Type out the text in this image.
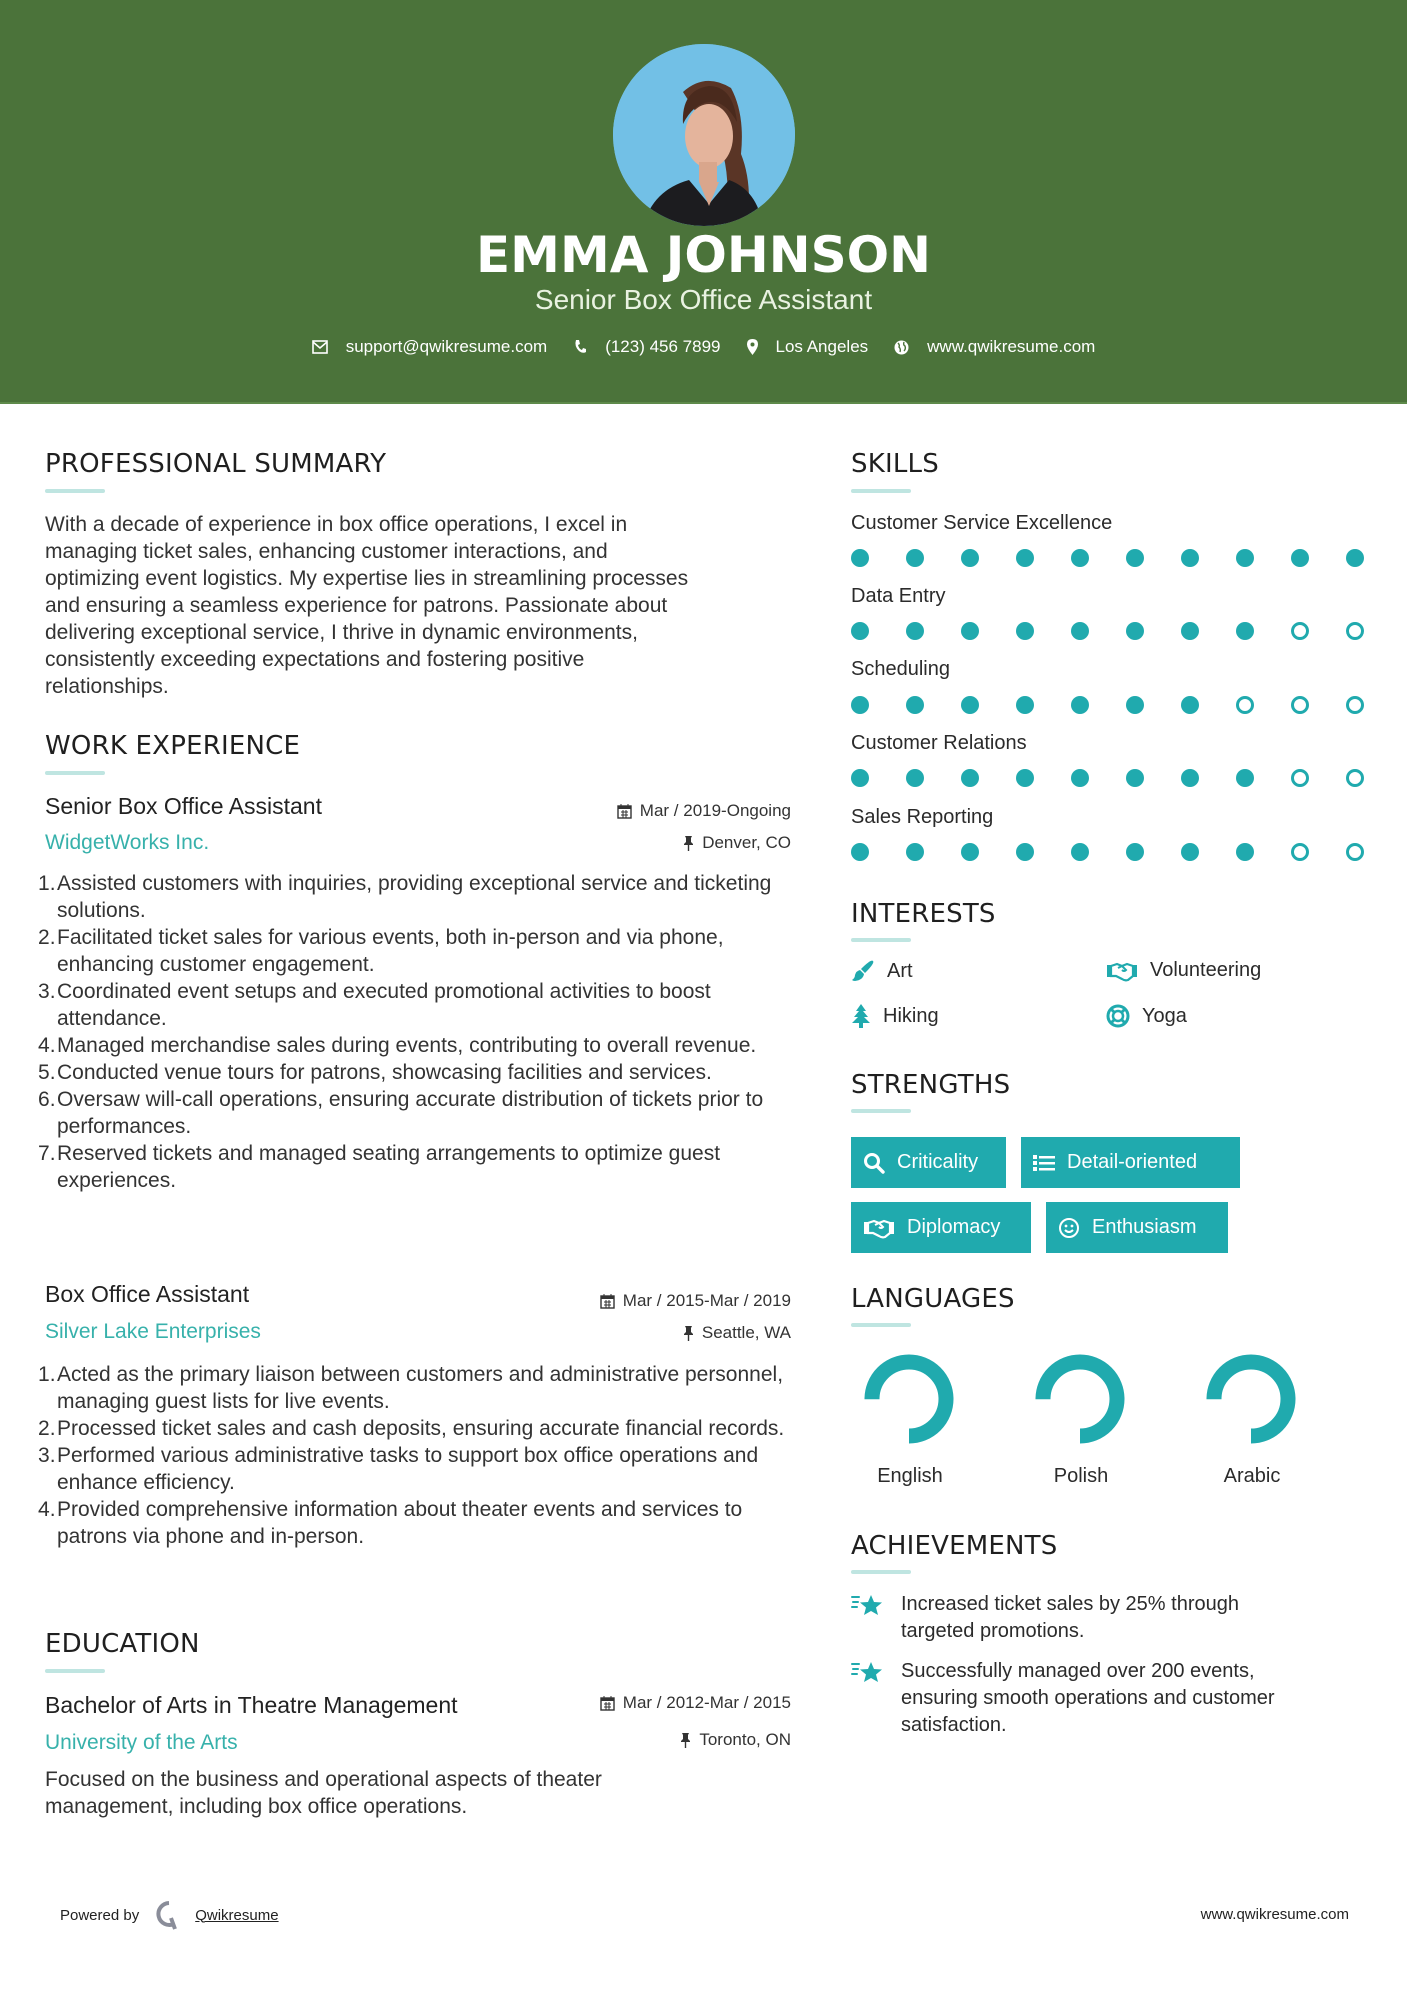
EMMA JOHNSON
Senior Box Office Assistant
support@qwikresume.com	(123) 456 7899	Los Angeles	www.qwikresume.com
PROFESSIONAL SUMMARY
With a decade of experience in box office operations, I excel in
managing ticket sales, enhancing customer interactions, and
optimizing event logistics. My expertise lies in streamlining processes
and ensuring a seamless experience for patrons. Passionate about
delivering exceptional service, I thrive in dynamic environments,
consistently exceeding expectations and fostering positive
relationships.
WORK EXPERIENCE
Senior Box Office Assistant	Mar / 2019-Ongoing
WidgetWorks Inc.	Denver, CO
Assisted customers with inquiries, providing exceptional service and ticketing solutions.
Facilitated ticket sales for various events, both in-person and via phone, enhancing customer engagement.
Coordinated event setups and executed promotional activities to boost attendance.
Managed merchandise sales during events, contributing to overall revenue.
Conducted venue tours for patrons, showcasing facilities and services.
Oversaw will-call operations, ensuring accurate distribution of tickets prior to performances.
Reserved tickets and managed seating arrangements to optimize guest experiences.
Box Office Assistant	Mar / 2015-Mar / 2019
Silver Lake Enterprises	Seattle, WA
Acted as the primary liaison between customers and administrative personnel, managing guest lists for live events.
Processed ticket sales and cash deposits, ensuring accurate financial records.
Performed various administrative tasks to support box office operations and enhance efficiency.
Provided comprehensive information about theater events and services to patrons via phone and in-person.
EDUCATION
Bachelor of Arts in Theatre Management	Mar / 2012-Mar / 2015
University of the Arts	Toronto, ON
Focused on the business and operational aspects of theater
management, including box office operations.
SKILLS
Customer Service Excellence
Data Entry
Scheduling
Customer Relations
Sales Reporting
INTERESTS
Art	Volunteering
Hiking	Yoga
STRENGTHS
Criticality	Detail-oriented
Diplomacy	Enthusiasm
LANGUAGES
English	Polish	Arabic
ACHIEVEMENTS
Increased ticket sales by 25% through
targeted promotions.
Successfully managed over 200 events,
ensuring smooth operations and customer
satisfaction.
Powered by	Qwikresume	www.qwikresume.com
